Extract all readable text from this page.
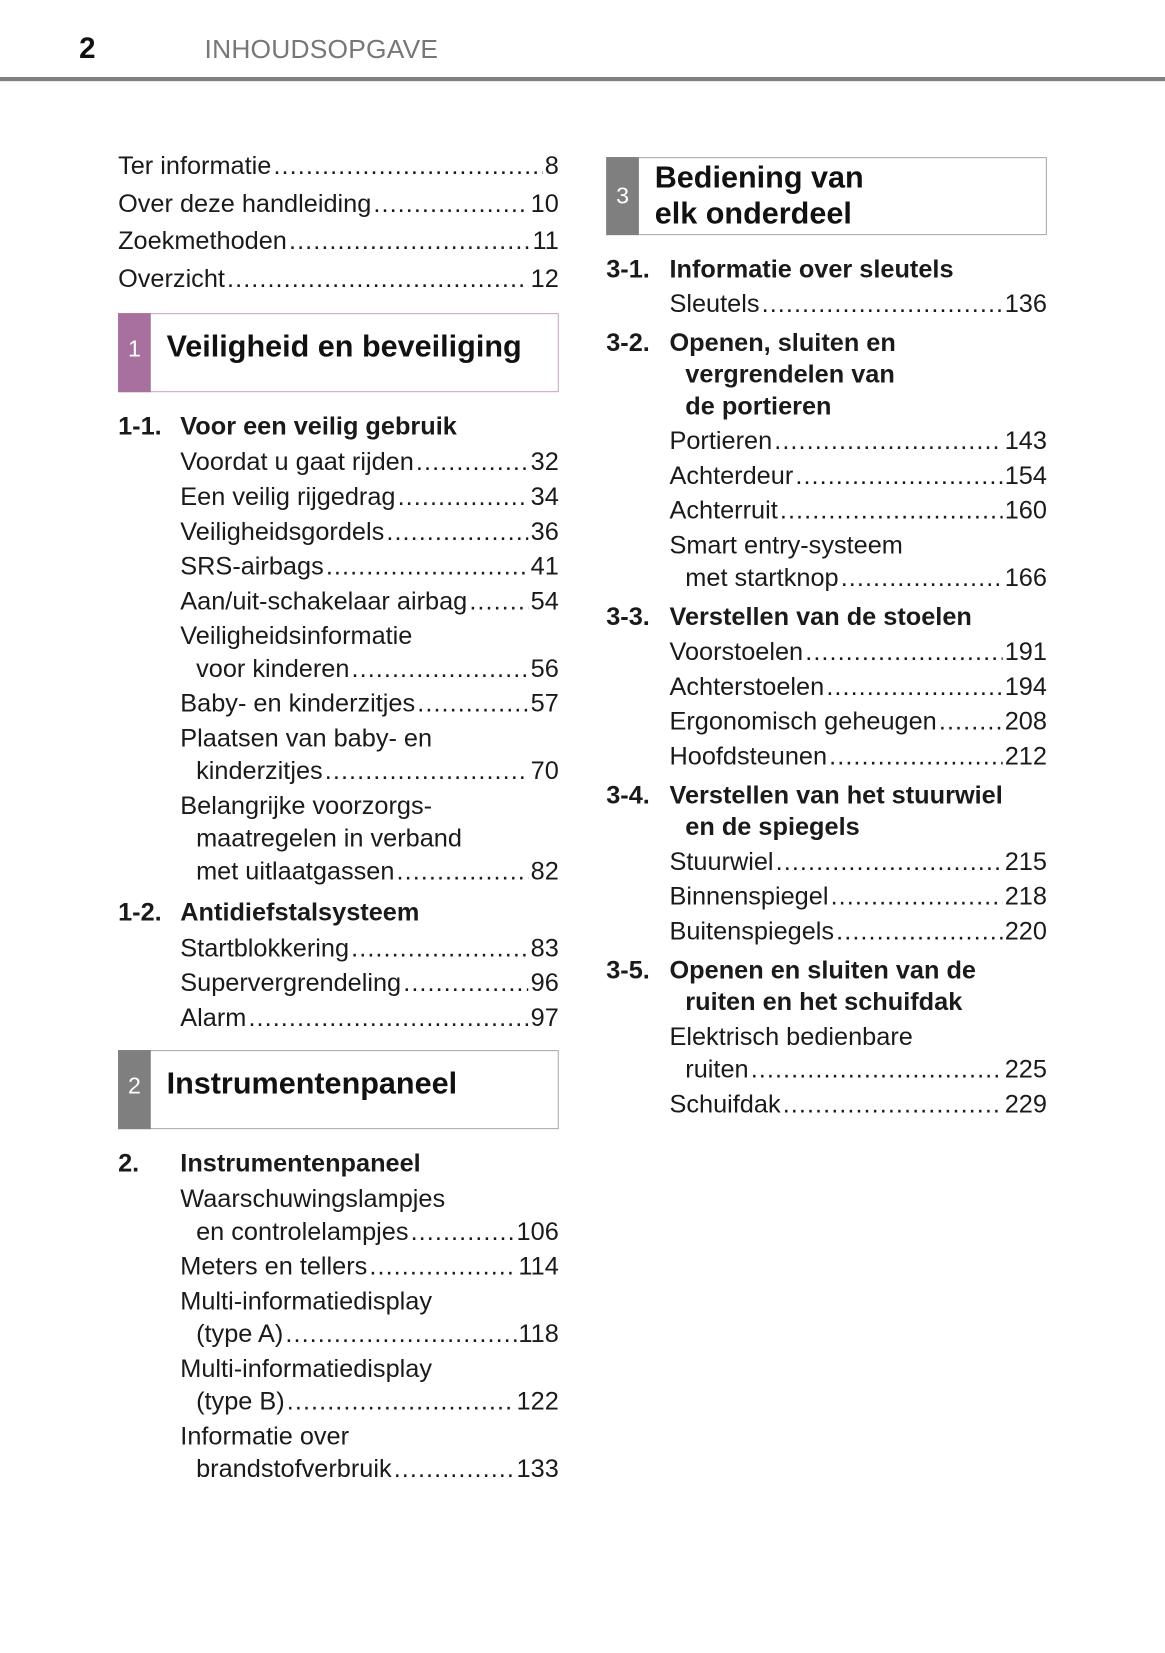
2	INHOUDSOPGAVE
Ter informatie .....	8
Over deze handleiding .....	10
Zoekmethoden .....	11
Overzicht .....	12
1 Veiligheid en beveiliging
1-1. Voor een veilig gebruik
Voordat u gaat rijden .....	32
Een veilig rijgedrag .....	34
Veiligheidsgordels .....	36
SRS-airbags .....	41
Aan/uit-schakelaar airbag .....	54
Veiligheidsinformatie
voor kinderen .....	56
Baby- en kinderzitjes .....	57
Plaatsen van baby- en
kinderzitjes .....	70
Belangrijke voorzorgs-
maatregelen in verband
met uitlaatgassen .....	82
1-2. Antidiefstalsysteem
Startblokkering .....	83
Supervergrendeling .....	96
Alarm .....	97
2 Instrumentenpaneel
2.	Instrumentenpaneel
Waarschuwingslampjes
en controlelampjes .....	106
Meters en tellers .....	114
Multi-informatiedisplay
(type A) .....	118
Multi-informatiedisplay
(type B) .....	122
Informatie over
brandstofverbruik .....	133
3
Bediening van
elk onderdeel
3-1. Informatie over sleutels
Sleutels .....	136
3-2. Openen, sluiten en
vergrendelen van
de portieren
Portieren .....	143
Achterdeur .....	154
Achterruit .....	160
Smart entry-systeem
met startknop .....	166
3-3. Verstellen van de stoelen
Voorstoelen .....	191
Achterstoelen .....	194
Ergonomisch geheugen .....	208
Hoofdsteunen .....	212
3-4. Verstellen van het stuurwiel
en de spiegels
Stuurwiel .....	215
Binnenspiegel .....	218
Buitenspiegels .....	220
3-5. Openen en sluiten van de
ruiten en het schuifdak
Elektrisch bedienbare
ruiten .....	225
Schuifdak .....	229
